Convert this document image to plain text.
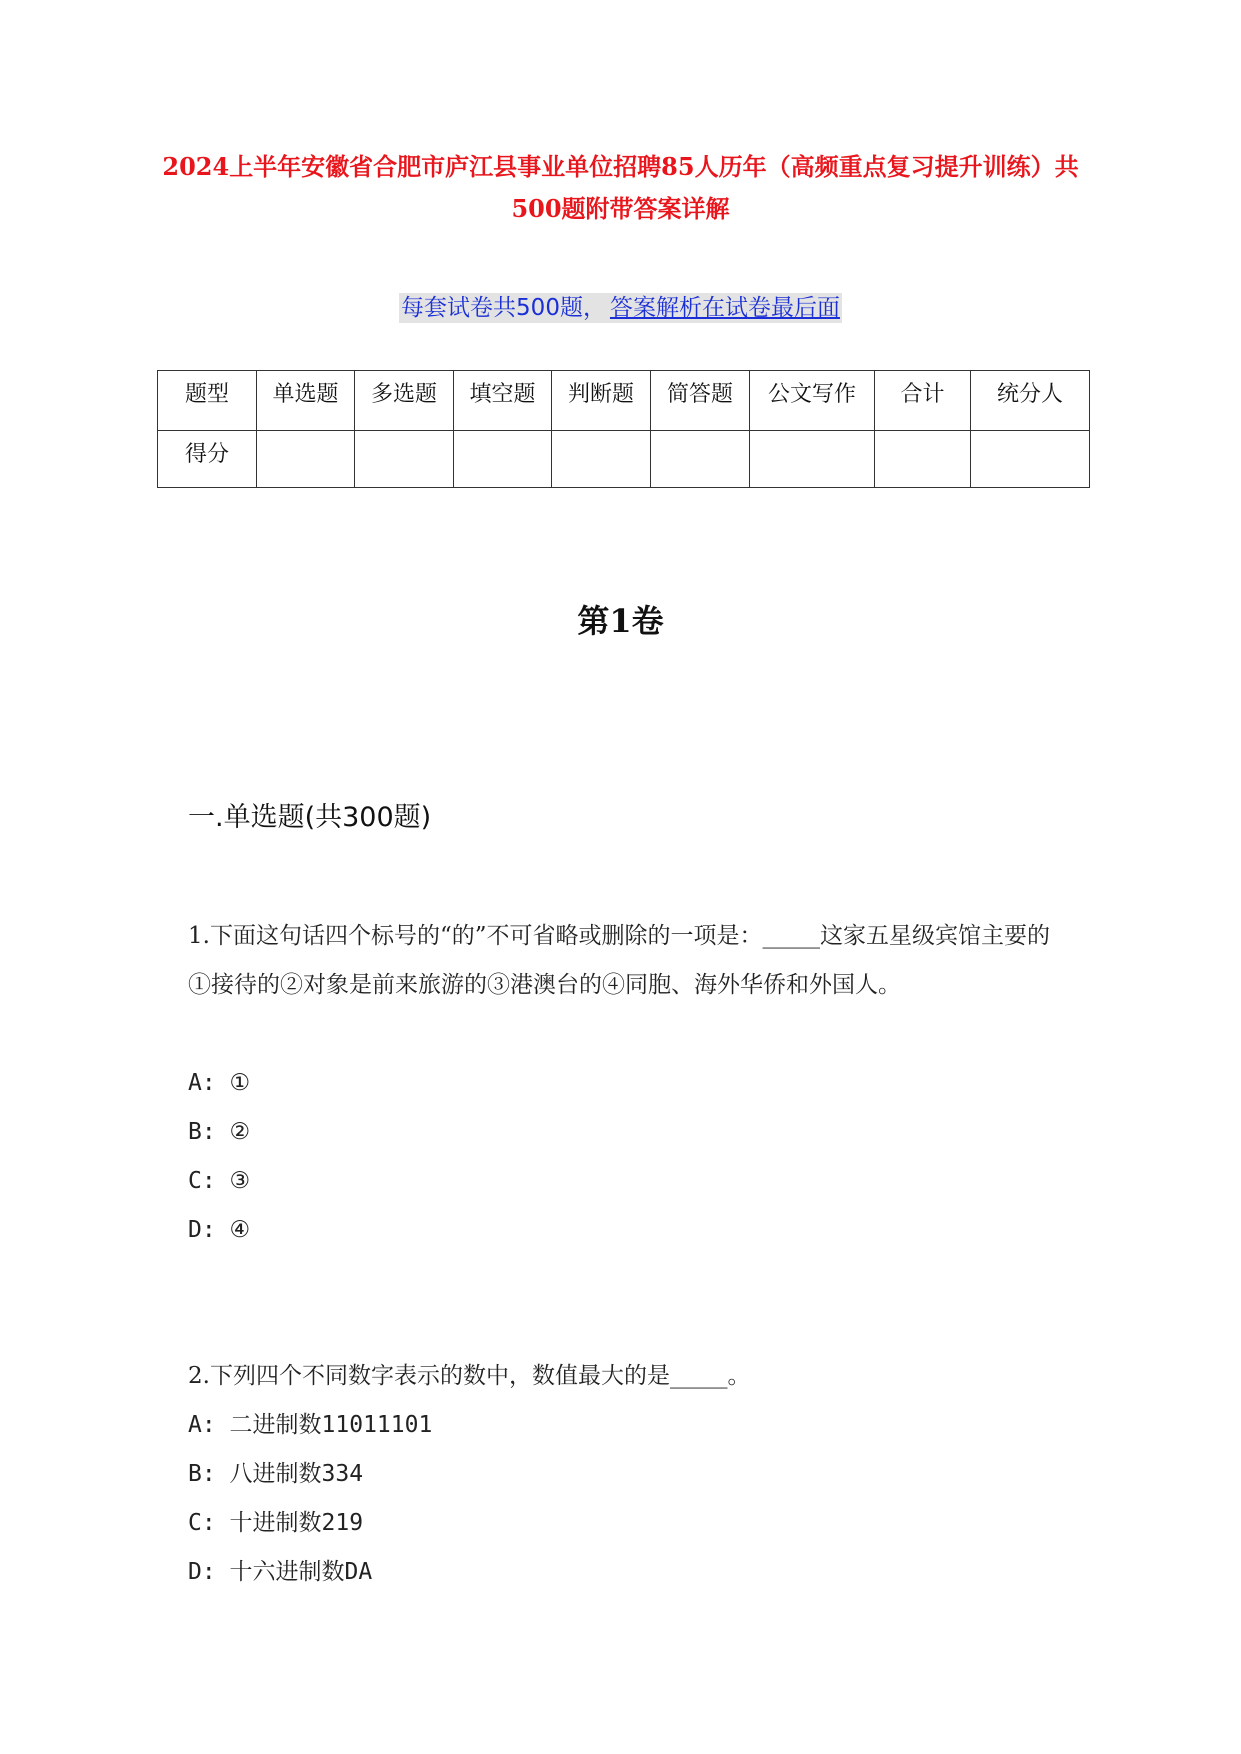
2024上半年安徽省合肥市庐江县事业单位招聘85人历年（高频重点复习提升训练）共500题附带答案详解
每套试卷共500题， 答案解析在试卷最后面
题型	单选题	多选题	填空题	判断题	简答题	公文写作	合计	统分人
得分								
第1卷
一.单选题(共300题)
1.下面这句话四个标号的“的”不可省略或删除的一项是：_____这家五星级宾馆主要的①接待的②对象是前来旅游的③港澳台的④同胞、海外华侨和外国人。
A: ①
B: ②
C: ③
D: ④
2.下列四个不同数字表示的数中，数值最大的是_____。
A: 二进制数11011101
B: 八进制数334
C: 十进制数219
D: 十六进制数DA
